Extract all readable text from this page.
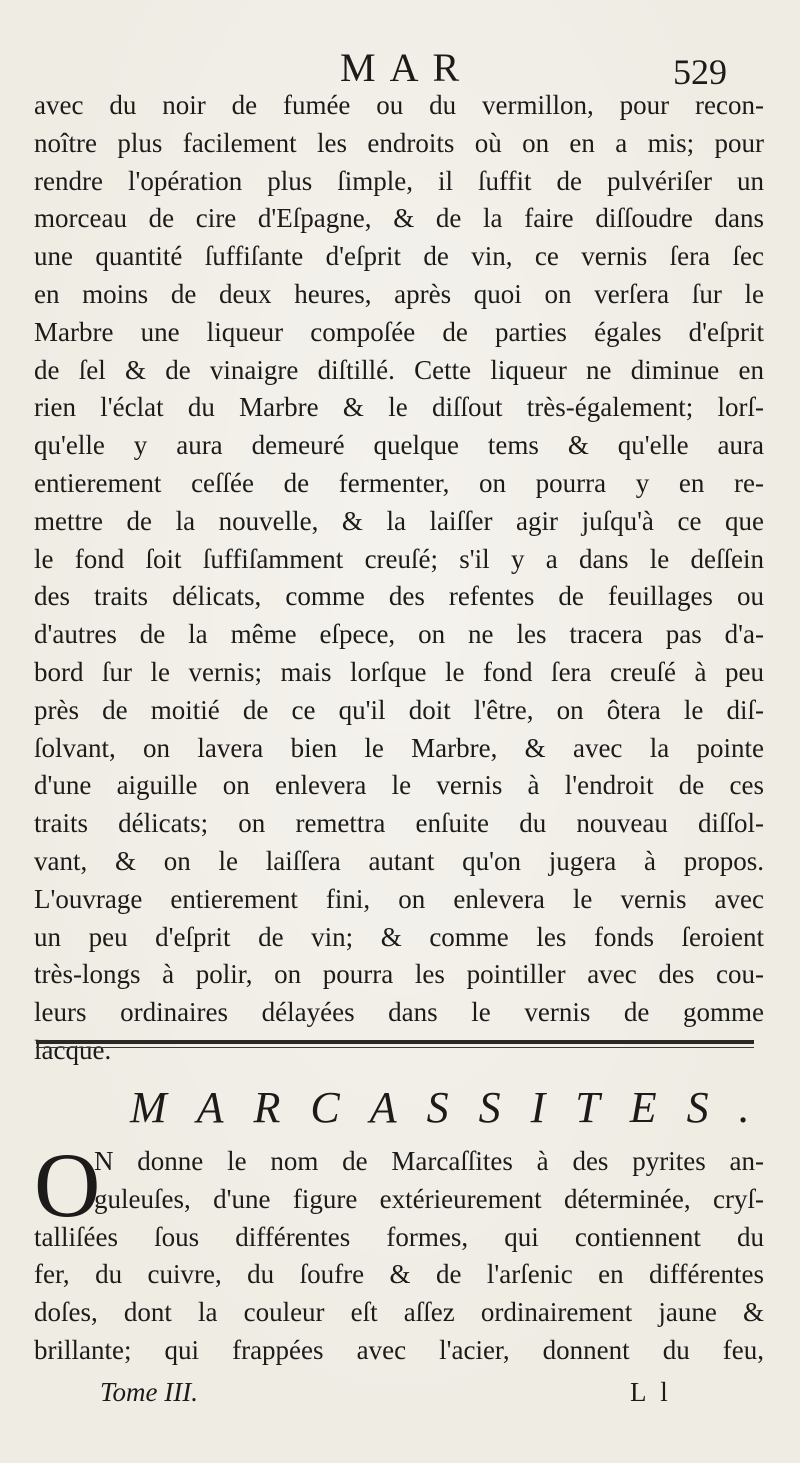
MAR	529
avec du noir de fumée ou du vermillon, pour recon-
noître plus facilement les endroits où on en a mis; pour
rendre l'opération plus ſimple, il ſuffit de pulvériſer un
morceau de cire d'Eſpagne, & de la faire diſſoudre dans
une quantité ſuffiſante d'eſprit de vin, ce vernis ſera ſec
en moins de deux heures, après quoi on verſera ſur le
Marbre une liqueur compoſée de parties égales d'eſprit
de ſel & de vinaigre diſtillé. Cette liqueur ne diminue en
rien l'éclat du Marbre & le diſſout très-également; lorſ-
qu'elle y aura demeuré quelque tems & qu'elle aura
entierement ceſſée de fermenter, on pourra y en re-
mettre de la nouvelle, & la laiſſer agir juſqu'à ce que
le fond ſoit ſuffiſamment creuſé; s'il y a dans le deſſein
des traits délicats, comme des refentes de feuillages ou
d'autres de la même eſpece, on ne les tracera pas d'a-
bord ſur le vernis; mais lorſque le fond ſera creuſé à peu
près de moitié de ce qu'il doit l'être, on ôtera le diſ-
ſolvant, on lavera bien le Marbre, & avec la pointe
d'une aiguille on enlevera le vernis à l'endroit de ces
traits délicats; on remettra enſuite du nouveau diſſol-
vant, & on le laiſſera autant qu'on jugera à propos.
L'ouvrage entierement fini, on enlevera le vernis avec
un peu d'eſprit de vin; & comme les fonds ſeroient
très-longs à polir, on pourra les pointiller avec des cou-
leurs ordinaires délayées dans le vernis de gomme
lacque.
MARCASSITES.
O
N donne le nom de Marcaſſites à des pyrites an-
guleuſes, d'une figure extérieurement déterminée, cryſ-
talliſées ſous différentes formes, qui contiennent du
fer, du cuivre, du ſoufre & de l'arſenic en différentes
doſes, dont la couleur eſt aſſez ordinairement jaune &
brillante; qui frappées avec l'acier, donnent du feu,
Tome III.	L l
